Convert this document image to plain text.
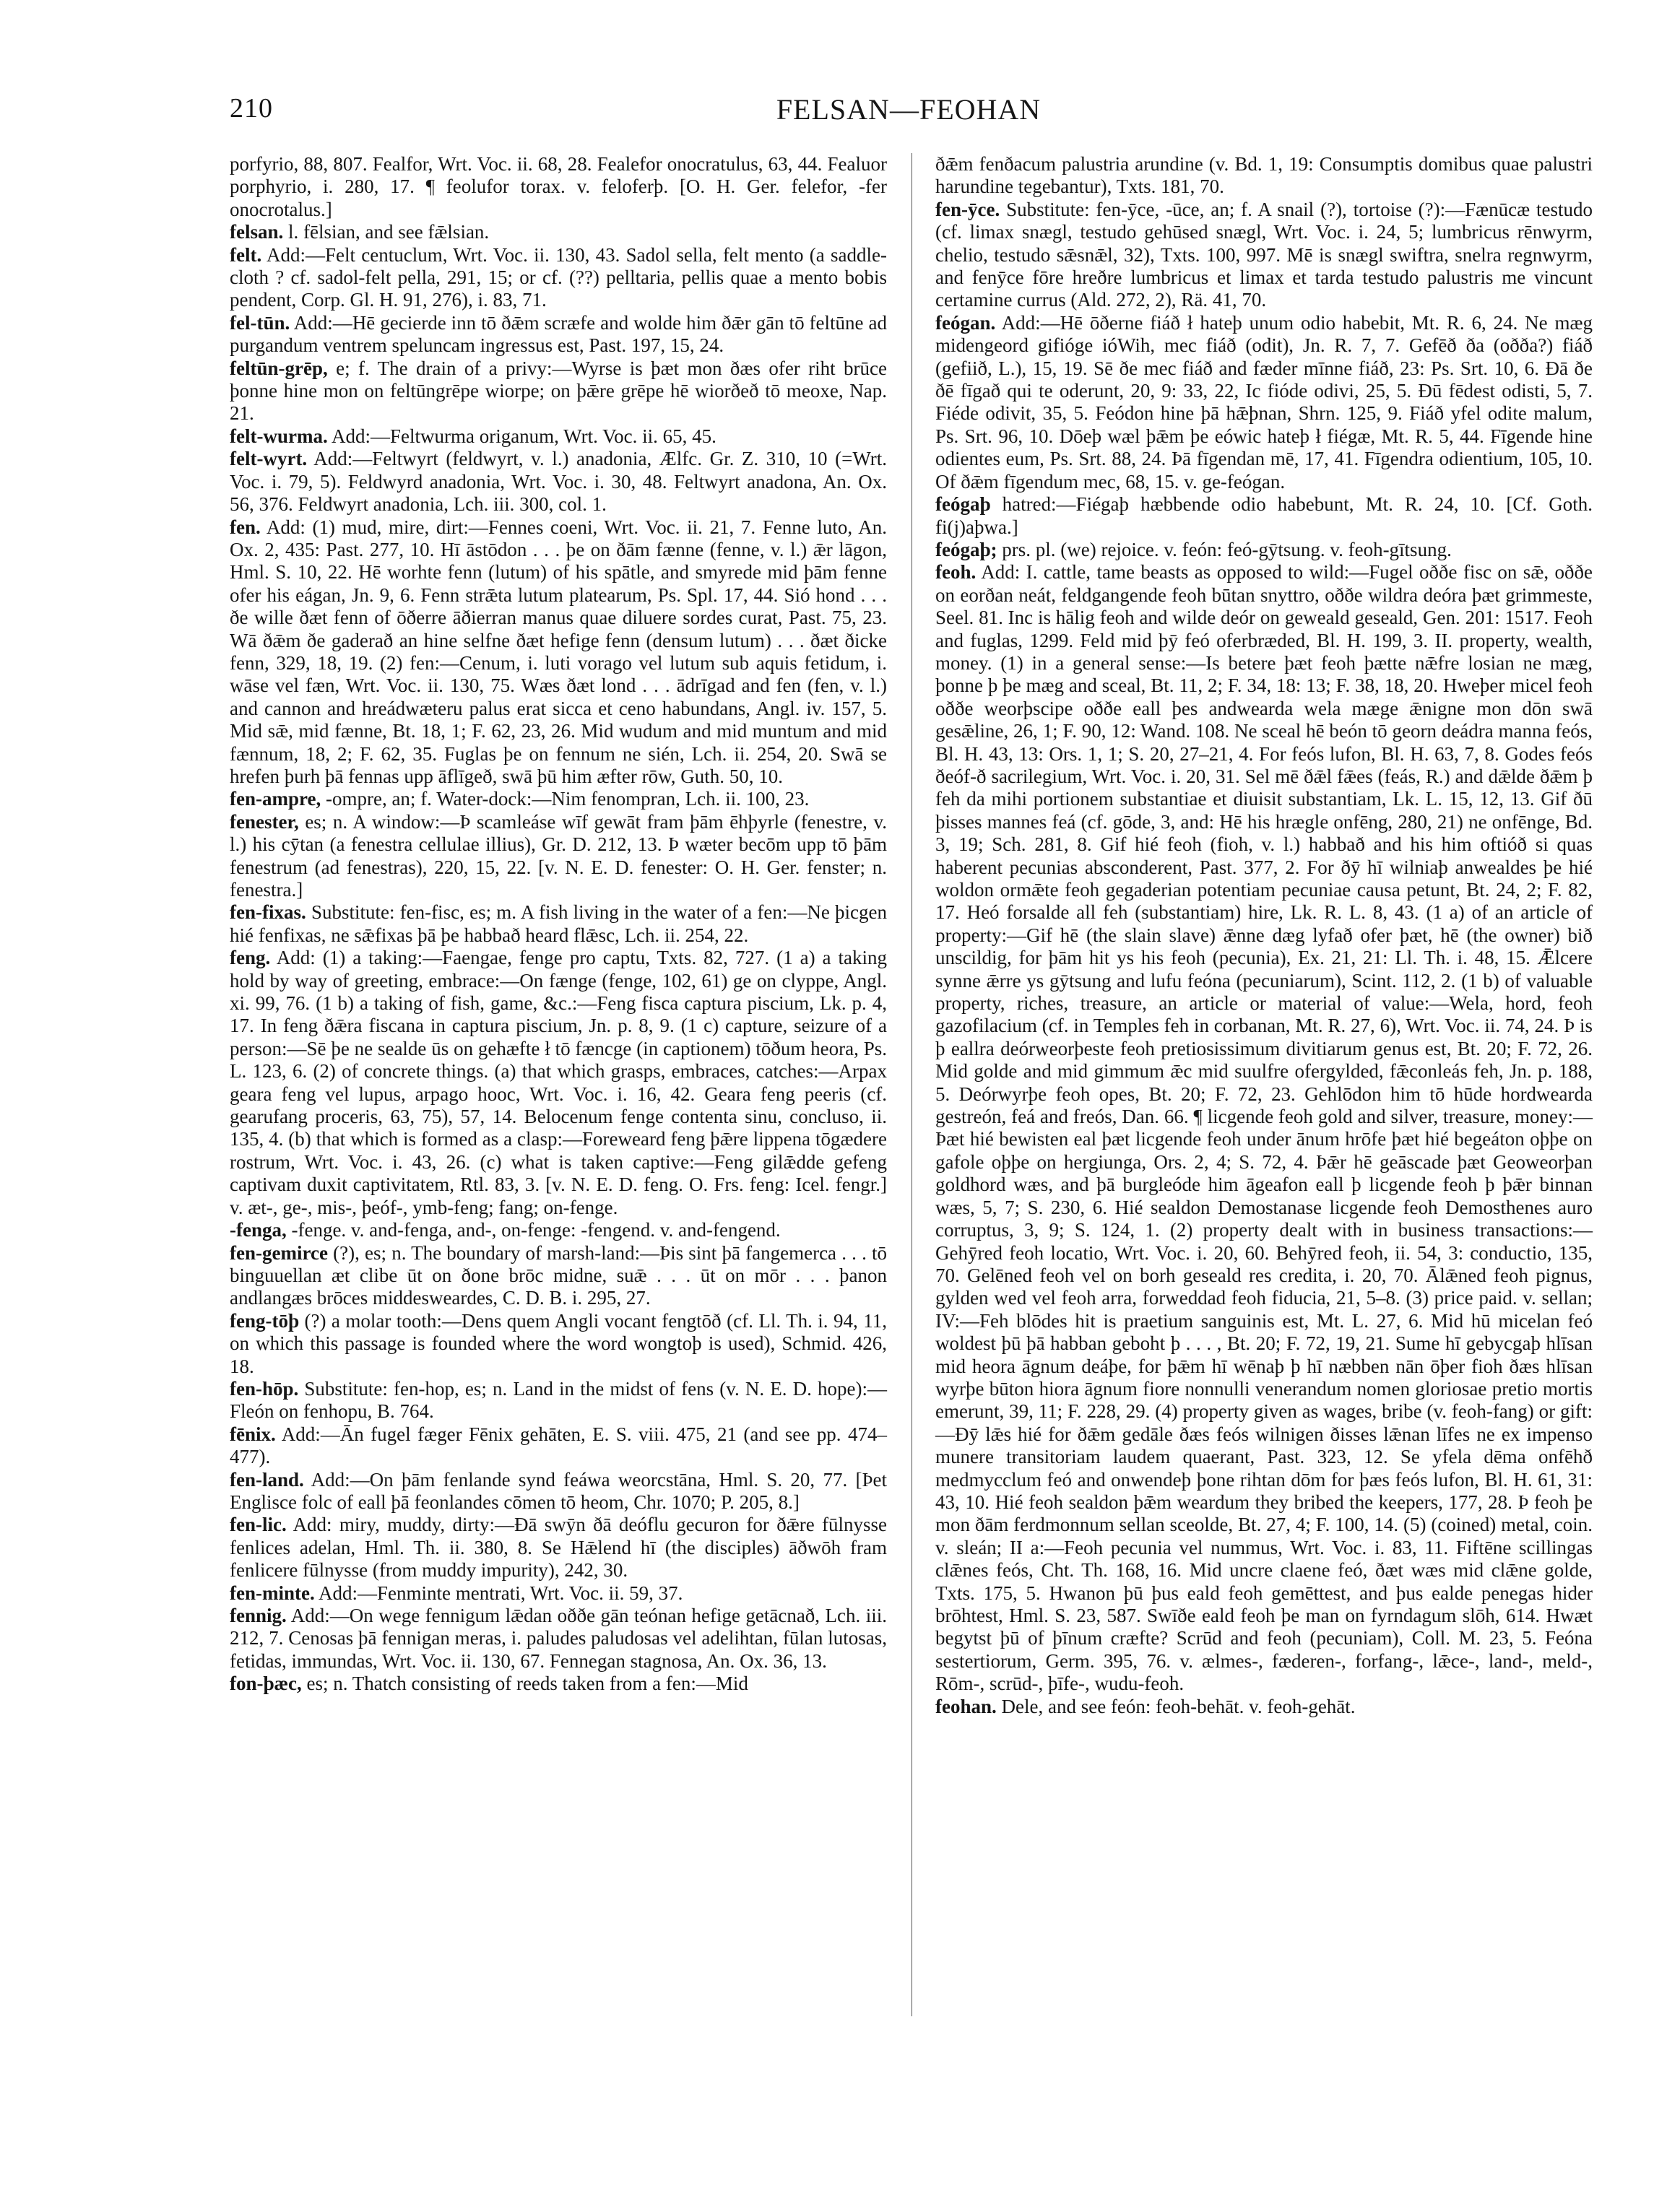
210	FELSAN—FEOHAN

porfyrio, 88, 807. Fealfor, Wrt. Voc. ii. 68, 28. Fealefor onocratulus, 63, 44. Fealuor porphyrio, i. 280, 17. ¶ feolufor torax. v. feloferþ. [O. H. Ger. felefor, -fer onocrotalus.]

felsan. l. fēlsian, and see fǣlsian.

felt. Add:—Felt centuclum, Wrt. Voc. ii. 130, 43. Sadol sella, felt mento (a saddle-cloth ? cf. sadol-felt pella, 291, 15; or cf. (??) pelltaria, pellis quae a mento bobis pendent, Corp. Gl. H. 91, 276), i. 83, 71.

fel-tūn. Add:—Hē gecierde inn tō ðǣm scræfe and wolde him ðǣr gān tō feltūne ad purgandum ventrem speluncam ingressus est, Past. 197, 15, 24.

feltūn-grēp, e; f. The drain of a privy:—Wyrse is þæt mon ðæs ofer riht brūce þonne hine mon on feltūngrēpe wiorpe; on þǣre grēpe hē wiorðeð tō meoxe, Nap. 21.

felt-wurma. Add:—Feltwurma origanum, Wrt. Voc. ii. 65, 45.

felt-wyrt. Add:—Feltwyrt (feldwyrt, v. l.) anadonia, Ælfc. Gr. Z. 310, 10 (=Wrt. Voc. i. 79, 5). Feldwyrd anadonia, Wrt. Voc. i. 30, 48. Feltwyrt anadona, An. Ox. 56, 376. Feldwyrt anadonia, Lch. iii. 300, col. 1.

fen. Add: (1) mud, mire, dirt:—Fennes coeni, Wrt. Voc. ii. 21, 7. Fenne luto, An. Ox. 2, 435: Past. 277, 10. Hī āstōdon . . . þe on ðām fænne (fenne, v. l.) ǣr lāgon, Hml. S. 10, 22. Hē worhte fenn (lutum) of his spātle, and smyrede mid þām fenne ofer his eágan, Jn. 9, 6. Fenn strǣta lutum platearum, Ps. Spl. 17, 44. Sió hond . . . ðe wille ðæt fenn of ōðerre āðierran manus quae diluere sordes curat, Past. 75, 23. Wā ðǣm ðe gaderað an hine selfne ðæt hefige fenn (densum lutum) . . . ðæt ðicke fenn, 329, 18, 19. (2) fen:—Cenum, i. luti vorago vel lutum sub aquis fetidum, i. wāse vel fæn, Wrt. Voc. ii. 130, 75. Wæs ðæt lond . . . ādrīgad and fen (fen, v. l.) and cannon and hreádwæteru palus erat sicca et ceno habundans, Angl. iv. 157, 5. Mid sǣ, mid fænne, Bt. 18, 1; F. 62, 23, 26. Mid wudum and mid muntum and mid fænnum, 18, 2; F. 62, 35. Fuglas þe on fennum ne sién, Lch. ii. 254, 20. Swā se hrefen þurh þā fennas upp āflīgeð, swā þū him æfter rōw, Guth. 50, 10.

fen-ampre, -ompre, an; f. Water-dock:—Nim fenompran, Lch. ii. 100, 23.

fenester, es; n. A window:—Þ scamleáse wīf gewāt fram þām ēhþyrle (fenestre, v. l.) his cȳtan (a fenestra cellulae illius), Gr. D. 212, 13. Þ wæter becōm upp tō þām fenestrum (ad fenestras), 220, 15, 22. [v. N. E. D. fenester: O. H. Ger. fenster; n. fenestra.]

fen-fixas. Substitute: fen-fisc, es; m. A fish living in the water of a fen:—Ne þicgen hié fenfixas, ne sǣfixas þā þe habbað heard flǣsc, Lch. ii. 254, 22.

feng. Add: (1) a taking:—Faengae, fenge pro captu, Txts. 82, 727. (1 a) a taking hold by way of greeting, embrace:—On fænge (fenge, 102, 61) ge on clyppe, Angl. xi. 99, 76. (1 b) a taking of fish, game, &c.:—Feng fisca captura piscium, Lk. p. 4, 17. In feng ðǣra fiscana in captura piscium, Jn. p. 8, 9. (1 c) capture, seizure of a person:—Sē þe ne sealde ūs on gehæfte ł tō fæncge (in captionem) tōðum heora, Ps. L. 123, 6. (2) of concrete things. (a) that which grasps, embraces, catches:—Arpax geara feng vel lupus, arpago hooc, Wrt. Voc. i. 16, 42. Geara feng peeris (cf. gearufang proceris, 63, 75), 57, 14. Belocenum fenge contenta sinu, concluso, ii. 135, 4. (b) that which is formed as a clasp:—Foreweard feng þǣre lippena tōgædere rostrum, Wrt. Voc. i. 43, 26. (c) what is taken captive:—Feng gilǣdde gefeng captivam duxit captivitatem, Rtl. 83, 3. [v. N. E. D. feng. O. Frs. feng: Icel. fengr.] v. æt-, ge-, mis-, þeóf-, ymb-feng; fang; on-fenge.

-fenga, -fenge. v. and-fenga, and-, on-fenge: -fengend. v. and-fengend.

fen-gemirce (?), es; n. The boundary of marsh-land:—Þis sint þā fangemerca . . . tō binguuellan æt clibe ūt on ðone brōc midne, suǣ . . . ūt on mōr . . . þanon andlangæs brōces middesweardes, C. D. B. i. 295, 27.

feng-tōþ (?) a molar tooth:—Dens quem Angli vocant fengtōð (cf. Ll. Th. i. 94, 11, on which this passage is founded where the word wongtoþ is used), Schmid. 426, 18.

fen-hōp. Substitute: fen-hop, es; n. Land in the midst of fens (v. N. E. D. hope):—Fleón on fenhopu, B. 764.

fēnix. Add:—Ān fugel fæger Fēnix gehāten, E. S. viii. 475, 21 (and see pp. 474–477).

fen-land. Add:—On þām fenlande synd feáwa weorcstāna, Hml. S. 20, 77. [Þet Englisce folc of eall þā feonlandes cōmen tō heom, Chr. 1070; P. 205, 8.]

fen-lic. Add: miry, muddy, dirty:—Ðā swȳn ðā deóflu gecuron for ðǣre fūlnysse fenlices adelan, Hml. Th. ii. 380, 8. Se Hǣlend hī (the disciples) āðwōh fram fenlicere fūlnysse (from muddy impurity), 242, 30.

fen-minte. Add:—Fenminte mentrati, Wrt. Voc. ii. 59, 37.

fennig. Add:—On wege fennigum lǣdan oððe gān teónan hefige getācnað, Lch. iii. 212, 7. Cenosas þā fennigan meras, i. paludes paludosas vel adelihtan, fūlan lutosas, fetidas, immundas, Wrt. Voc. ii. 130, 67. Fennegan stagnosa, An. Ox. 36, 13.

fon-þæc, es; n. Thatch consisting of reeds taken from a fen:—Mid

ðǣm fenðacum palustria arundine (v. Bd. 1, 19: Consumptis domibus quae palustri harundine tegebantur), Txts. 181, 70.

fen-ȳce. Substitute: fen-ȳce, -ūce, an; f. A snail (?), tortoise (?):—Fænūcæ testudo (cf. limax snægl, testudo gehūsed snægl, Wrt. Voc. i. 24, 5; lumbricus rēnwyrm, chelio, testudo sǣsnǣl, 32), Txts. 100, 997. Mē is snægl swiftra, snelra regnwyrm, and fenȳce fōre hreðre lumbricus et limax et tarda testudo palustris me vincunt certamine currus (Ald. 272, 2), Rä. 41, 70.

feógan. Add:—Hē ōðerne fiáð ł hateþ unum odio habebit, Mt. R. 6, 24. Ne mæg midengeord gifióge ióWih, mec fiáð (odit), Jn. R. 7, 7. Gefēð ða (oðða?) fiáð (gefiið, L.), 15, 19. Sē ðe mec fiáð and fæder mīnne fiáð, 23: Ps. Srt. 10, 6. Ðā ðe ðē fīgað qui te oderunt, 20, 9: 33, 22, Ic fióde odivi, 25, 5. Ðū fēdest odisti, 5, 7. Fiéde odivit, 35, 5. Feódon hine þā hǣþnan, Shrn. 125, 9. Fiáð yfel odite malum, Ps. Srt. 96, 10. Dōeþ wæl þǣm þe eówic hateþ ł fiégæ, Mt. R. 5, 44. Fīgende hine odientes eum, Ps. Srt. 88, 24. Þā fīgendan mē, 17, 41. Fīgendra odientium, 105, 10. Of ðǣm fīgendum mec, 68, 15. v. ge-feógan.

feógaþ hatred:—Fiégaþ hæbbende odio habebunt, Mt. R. 24, 10. [Cf. Goth. fi(j)aþwa.]

feógaþ; prs. pl. (we) rejoice. v. feón: feó-gȳtsung. v. feoh-gītsung.

feoh. Add: I. cattle, tame beasts as opposed to wild:—Fugel oððe fisc on sǣ, oððe on eorðan neát, feldgangende feoh būtan snyttro, oððe wildra deóra þæt grimmeste, Seel. 81. Inc is hālig feoh and wilde deór on geweald geseald, Gen. 201: 1517. Feoh and fuglas, 1299. Feld mid þȳ feó oferbræded, Bl. H. 199, 3. II. property, wealth, money. (1) in a general sense:—Is betere þæt feoh þætte nǣfre losian ne mæg, þonne þ þe mæg and sceal, Bt. 11, 2; F. 34, 18: 13; F. 38, 18, 20. Hweþer micel feoh oððe weorþscipe oððe eall þes andwearda wela mæge ǣnigne mon dōn swā gesǣline, 26, 1; F. 90, 12: Wand. 108. Ne sceal hē beón tō georn deádra manna feós, Bl. H. 43, 13: Ors. 1, 1; S. 20, 27–21, 4. For feós lufon, Bl. H. 63, 7, 8. Godes feós ðeóf-ð sacrilegium, Wrt. Voc. i. 20, 31. Sel mē ðǣl fǣes (feás, R.) and dǣlde ðǣm þ feh da mihi portionem substantiae et diuisit substantiam, Lk. L. 15, 12, 13. Gif ðū þisses mannes feá (cf. gōde, 3, and: Hē his hrægle onfēng, 280, 21) ne onfēnge, Bd. 3, 19; Sch. 281, 8. Gif hié feoh (fioh, v. l.) habbað and his him oftióð si quas haberent pecunias absconderent, Past. 377, 2. For ðȳ hī wilniaþ anwealdes þe hié woldon ormǣte feoh gegaderian potentiam pecuniae causa petunt, Bt. 24, 2; F. 82, 17. Heó forsalde all feh (substantiam) hire, Lk. R. L. 8, 43. (1 a) of an article of property:—Gif hē (the slain slave) ǣnne dæg lyfað ofer þæt, hē (the owner) bið unscildig, for þām hit ys his feoh (pecunia), Ex. 21, 21: Ll. Th. i. 48, 15. Ǣlcere synne ǣrre ys gȳtsung and lufu feóna (pecuniarum), Scint. 112, 2. (1 b) of valuable property, riches, treasure, an article or material of value:—Wela, hord, feoh gazofilacium (cf. in Temples feh in corbanan, Mt. R. 27, 6), Wrt. Voc. ii. 74, 24. Þ is þ eallra deórweorþeste feoh pretiosissimum divitiarum genus est, Bt. 20; F. 72, 26. Mid golde and mid gimmum ǣc mid suulfre ofergylded, fǣconleás feh, Jn. p. 188, 5. Deórwyrþe feoh opes, Bt. 20; F. 72, 23. Gehlōdon him tō hūde hordwearda gestreón, feá and freós, Dan. 66. ¶ licgende feoh gold and silver, treasure, money:—Þæt hié bewisten eal þæt licgende feoh under ānum hrōfe þæt hié begeáton oþþe on gafole oþþe on hergiunga, Ors. 2, 4; S. 72, 4. Þǣr hē geāscade þæt Geoweorþan goldhord wæs, and þā burgleóde him āgeafon eall þ licgende feoh þ þǣr binnan wæs, 5, 7; S. 230, 6. Hié sealdon Demostanase licgende feoh Demosthenes auro corruptus, 3, 9; S. 124, 1. (2) property dealt with in business transactions:—Gehȳred feoh locatio, Wrt. Voc. i. 20, 60. Behȳred feoh, ii. 54, 3: conductio, 135, 70. Gelēned feoh vel on borh geseald res credita, i. 20, 70. Ālǣned feoh pignus, gylden wed vel feoh arra, forweddad feoh fiducia, 21, 5–8. (3) price paid. v. sellan; IV:—Feh blōdes hit is praetium sanguinis est, Mt. L. 27, 6. Mid hū micelan feó woldest þū þā habban geboht þ . . . , Bt. 20; F. 72, 19, 21. Sume hī gebycgaþ hlīsan mid heora āgnum deáþe, for þǣm hī wēnaþ þ hī næbben nān ōþer fioh ðæs hlīsan wyrþe būton hiora āgnum fiore nonnulli venerandum nomen gloriosae pretio mortis emerunt, 39, 11; F. 228, 29. (4) property given as wages, bribe (v. feoh-fang) or gift:—Ðȳ lǣs hié for ðǣm gedāle ðæs feós wilnigen ðisses lǣnan līfes ne ex impenso munere transitoriam laudem quaerant, Past. 323, 12. Se yfela dēma onfēhð medmycclum feó and onwendeþ þone rihtan dōm for þæs feós lufon, Bl. H. 61, 31: 43, 10. Hié feoh sealdon þǣm weardum they bribed the keepers, 177, 28. Þ feoh þe mon ðām ferdmonnum sellan sceolde, Bt. 27, 4; F. 100, 14. (5) (coined) metal, coin. v. sleán; II a:—Feoh pecunia vel nummus, Wrt. Voc. i. 83, 11. Fiftēne scillingas clǣnes feós, Cht. Th. 168, 16. Mid uncre claene feó, ðæt wæs mid clǣne golde, Txts. 175, 5. Hwanon þū þus eald feoh gemēttest, and þus ealde penegas hider brōhtest, Hml. S. 23, 587. Swīðe eald feoh þe man on fyrndagum slōh, 614. Hwæt begytst þū of þīnum cræfte? Scrūd and feoh (pecuniam), Coll. M. 23, 5. Feóna sestertiorum, Germ. 395, 76. v. ælmes-, fæderen-, forfang-, lǣce-, land-, meld-, Rōm-, scrūd-, þīfe-, wudu-feoh.

feohan. Dele, and see feón: feoh-behāt. v. feoh-gehāt.
